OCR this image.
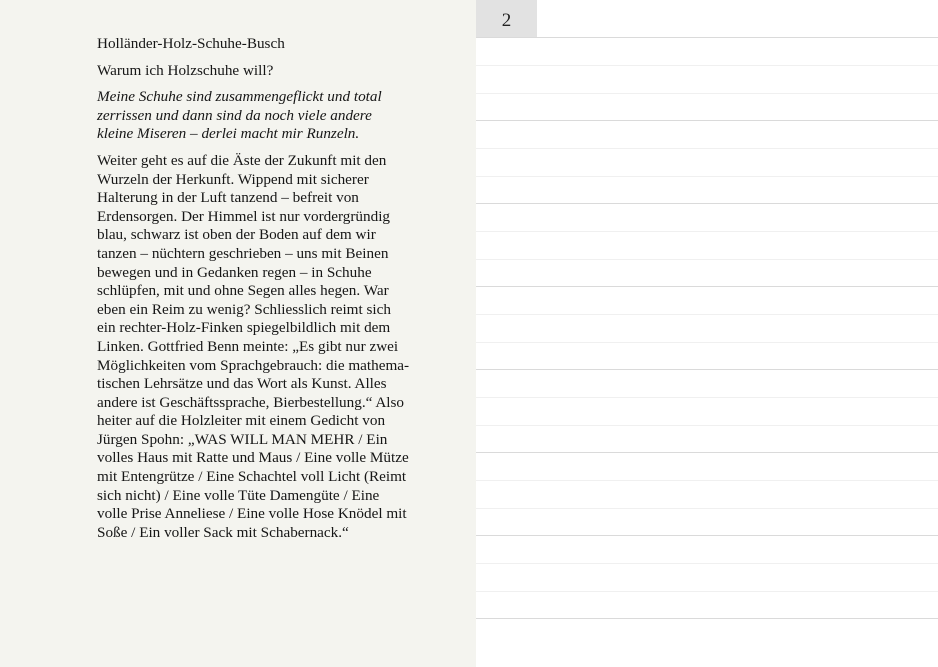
Holländer-Holz-Schuhe-Busch

Warum ich Holzschuhe will?

Meine Schuhe sind zusammengeflickt und total
zerrissen und dann sind da noch viele andere
kleine Miseren – derlei macht mir Runzeln.

Weiter geht es auf die Äste der Zukunft mit den
Wurzeln der Herkunft. Wippend mit sicherer
Halterung in der Luft tanzend – befreit von
Erdensorgen. Der Himmel ist nur vordergründig
blau, schwarz ist oben der Boden auf dem wir
tanzen – nüchtern geschrieben – uns mit Beinen
bewegen und in Gedanken regen – in Schuhe
schlüpfen, mit und ohne Segen alles hegen. War
eben ein Reim zu wenig? Schliesslich reimt sich
ein rechter-Holz-Finken spiegelbildlich mit dem
Linken. Gottfried Benn meinte: „Es gibt nur zwei
Möglichkeiten vom Sprachgebrauch: die mathema-
tischen Lehrsätze und das Wort als Kunst. Alles
andere ist Geschäftssprache, Bierbestellung.“ Also
heiter auf die Holzleiter mit einem Gedicht von
Jürgen Spohn: „WAS WILL MAN MEHR / Ein
volles Haus mit Ratte und Maus / Eine volle Mütze
mit Entengrütze / Eine Schachtel voll Licht (Reimt
sich nicht) / Eine volle Tüte Damengüte / Eine
volle Prise Anneliese / Eine volle Hose Knödel mit
Soße / Ein voller Sack mit Schabernack.“

2
